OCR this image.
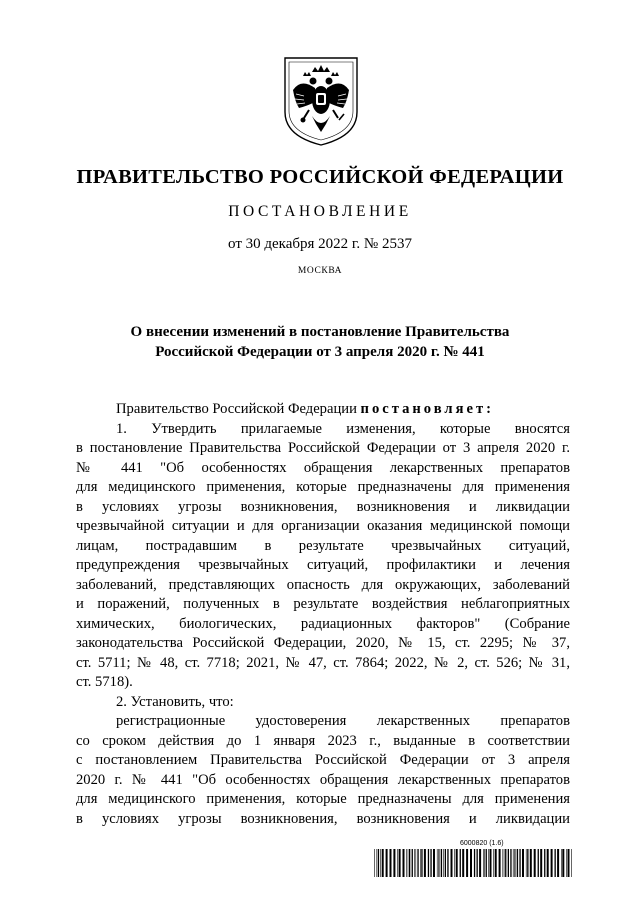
ПРАВИТЕЛЬСТВО РОССИЙСКОЙ ФЕДЕРАЦИИ
ПОСТАНОВЛЕНИЕ
от 30 декабря 2022 г. № 2537
МОСКВА
О внесении изменений в постановление Правительства
Российской Федерации от 3 апреля 2020 г. № 441
Правительство Российской Федерации постановляет:
1. Утвердить прилагаемые изменения, которые вносятся
в постановление Правительства Российской Федерации от 3 апреля 2020 г.
№ 441 "Об особенностях обращения лекарственных препаратов
для медицинского применения, которые предназначены для применения
в условиях угрозы возникновения, возникновения и ликвидации
чрезвычайной ситуации и для организации оказания медицинской помощи
лицам, пострадавшим в результате чрезвычайных ситуаций,
предупреждения чрезвычайных ситуаций, профилактики и лечения
заболеваний, представляющих опасность для окружающих, заболеваний
и поражений, полученных в результате воздействия неблагоприятных
химических, биологических, радиационных факторов" (Собрание
законодательства Российской Федерации, 2020, № 15, ст. 2295; № 37,
ст. 5711; № 48, ст. 7718; 2021, № 47, ст. 7864; 2022, № 2, ст. 526; № 31,
ст. 5718).
2. Установить, что:
регистрационные удостоверения лекарственных препаратов
со сроком действия до 1 января 2023 г., выданные в соответствии
с постановлением Правительства Российской Федерации от 3 апреля
2020 г. № 441 "Об особенностях обращения лекарственных препаратов
для медицинского применения, которые предназначены для применения
в условиях угрозы возникновения, возникновения и ликвидации
6000820 (1.6)
